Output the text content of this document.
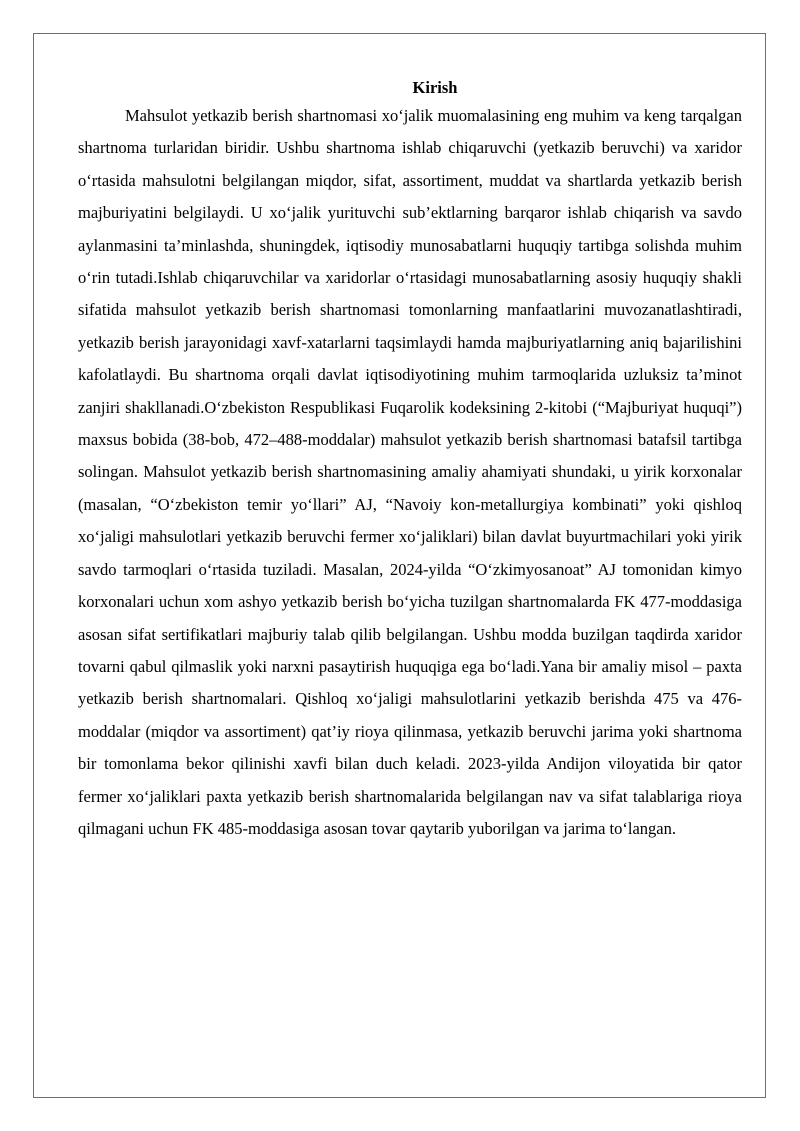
Kirish

Mahsulot yetkazib berish shartnomasi xo‘jalik muomalasining eng muhim va keng tarqalgan shartnoma turlaridan biridir. Ushbu shartnoma ishlab chiqaruvchi (yetkazib beruvchi) va xaridor o‘rtasida mahsulotni belgilangan miqdor, sifat, assortiment, muddat va shartlarda yetkazib berish majburiyatini belgilaydi. U xo‘jalik yurituvchi sub’ektlarning barqaror ishlab chiqarish va savdo aylanmasini ta’minlashda, shuningdek, iqtisodiy munosabatlarni huquqiy tartibga solishda muhim o‘rin tutadi.Ishlab chiqaruvchilar va xaridorlar o‘rtasidagi munosabatlarning asosiy huquqiy shakli sifatida mahsulot yetkazib berish shartnomasi tomonlarning manfaatlarini muvozanatlashtiradi, yetkazib berish jarayonidagi xavf-xatarlarni taqsimlaydi hamda majburiyatlarning aniq bajarilishini kafolatlaydi. Bu shartnoma orqali davlat iqtisodiyotining muhim tarmoqlarida uzluksiz ta’minot zanjiri shakllanadi.O‘zbekiston Respublikasi Fuqarolik kodeksining 2-kitobi (“Majburiyat huquqi”) maxsus bobida (38-bob, 472–488-moddalar) mahsulot yetkazib berish shartnomasi batafsil tartibga solingan. Mahsulot yetkazib berish shartnomasining amaliy ahamiyati shundaki, u yirik korxonalar (masalan, “O‘zbekiston temir yo‘llari” AJ, “Navoiy kon-metallurgiya kombinati” yoki qishloq xo‘jaligi mahsulotlari yetkazib beruvchi fermer xo‘jaliklari) bilan davlat buyurtmachilari yoki yirik savdo tarmoqlari o‘rtasida tuziladi. Masalan, 2024-yilda “O‘zkimyosanoat” AJ tomonidan kimyo korxonalari uchun xom ashyo yetkazib berish bo‘yicha tuzilgan shartnomalarda FK 477-moddasiga asosan sifat sertifikatlari majburiy talab qilib belgilangan. Ushbu modda buzilgan taqdirda xaridor tovarni qabul qilmaslik yoki narxni pasaytirish huquqiga ega bo‘ladi.Yana bir amaliy misol – paxta yetkazib berish shartnomalari. Qishloq xo‘jaligi mahsulotlarini yetkazib berishda 475 va 476-moddalar (miqdor va assortiment) qat’iy rioya qilinmasa, yetkazib beruvchi jarima yoki shartnoma bir tomonlama bekor qilinishi xavfi bilan duch keladi. 2023-yilda Andijon viloyatida bir qator fermer xo‘jaliklari paxta yetkazib berish shartnomalarida belgilangan nav va sifat talablariga rioya qilmagani uchun FK 485-moddasiga asosan tovar qaytarib yuborilgan va jarima to‘langan.
